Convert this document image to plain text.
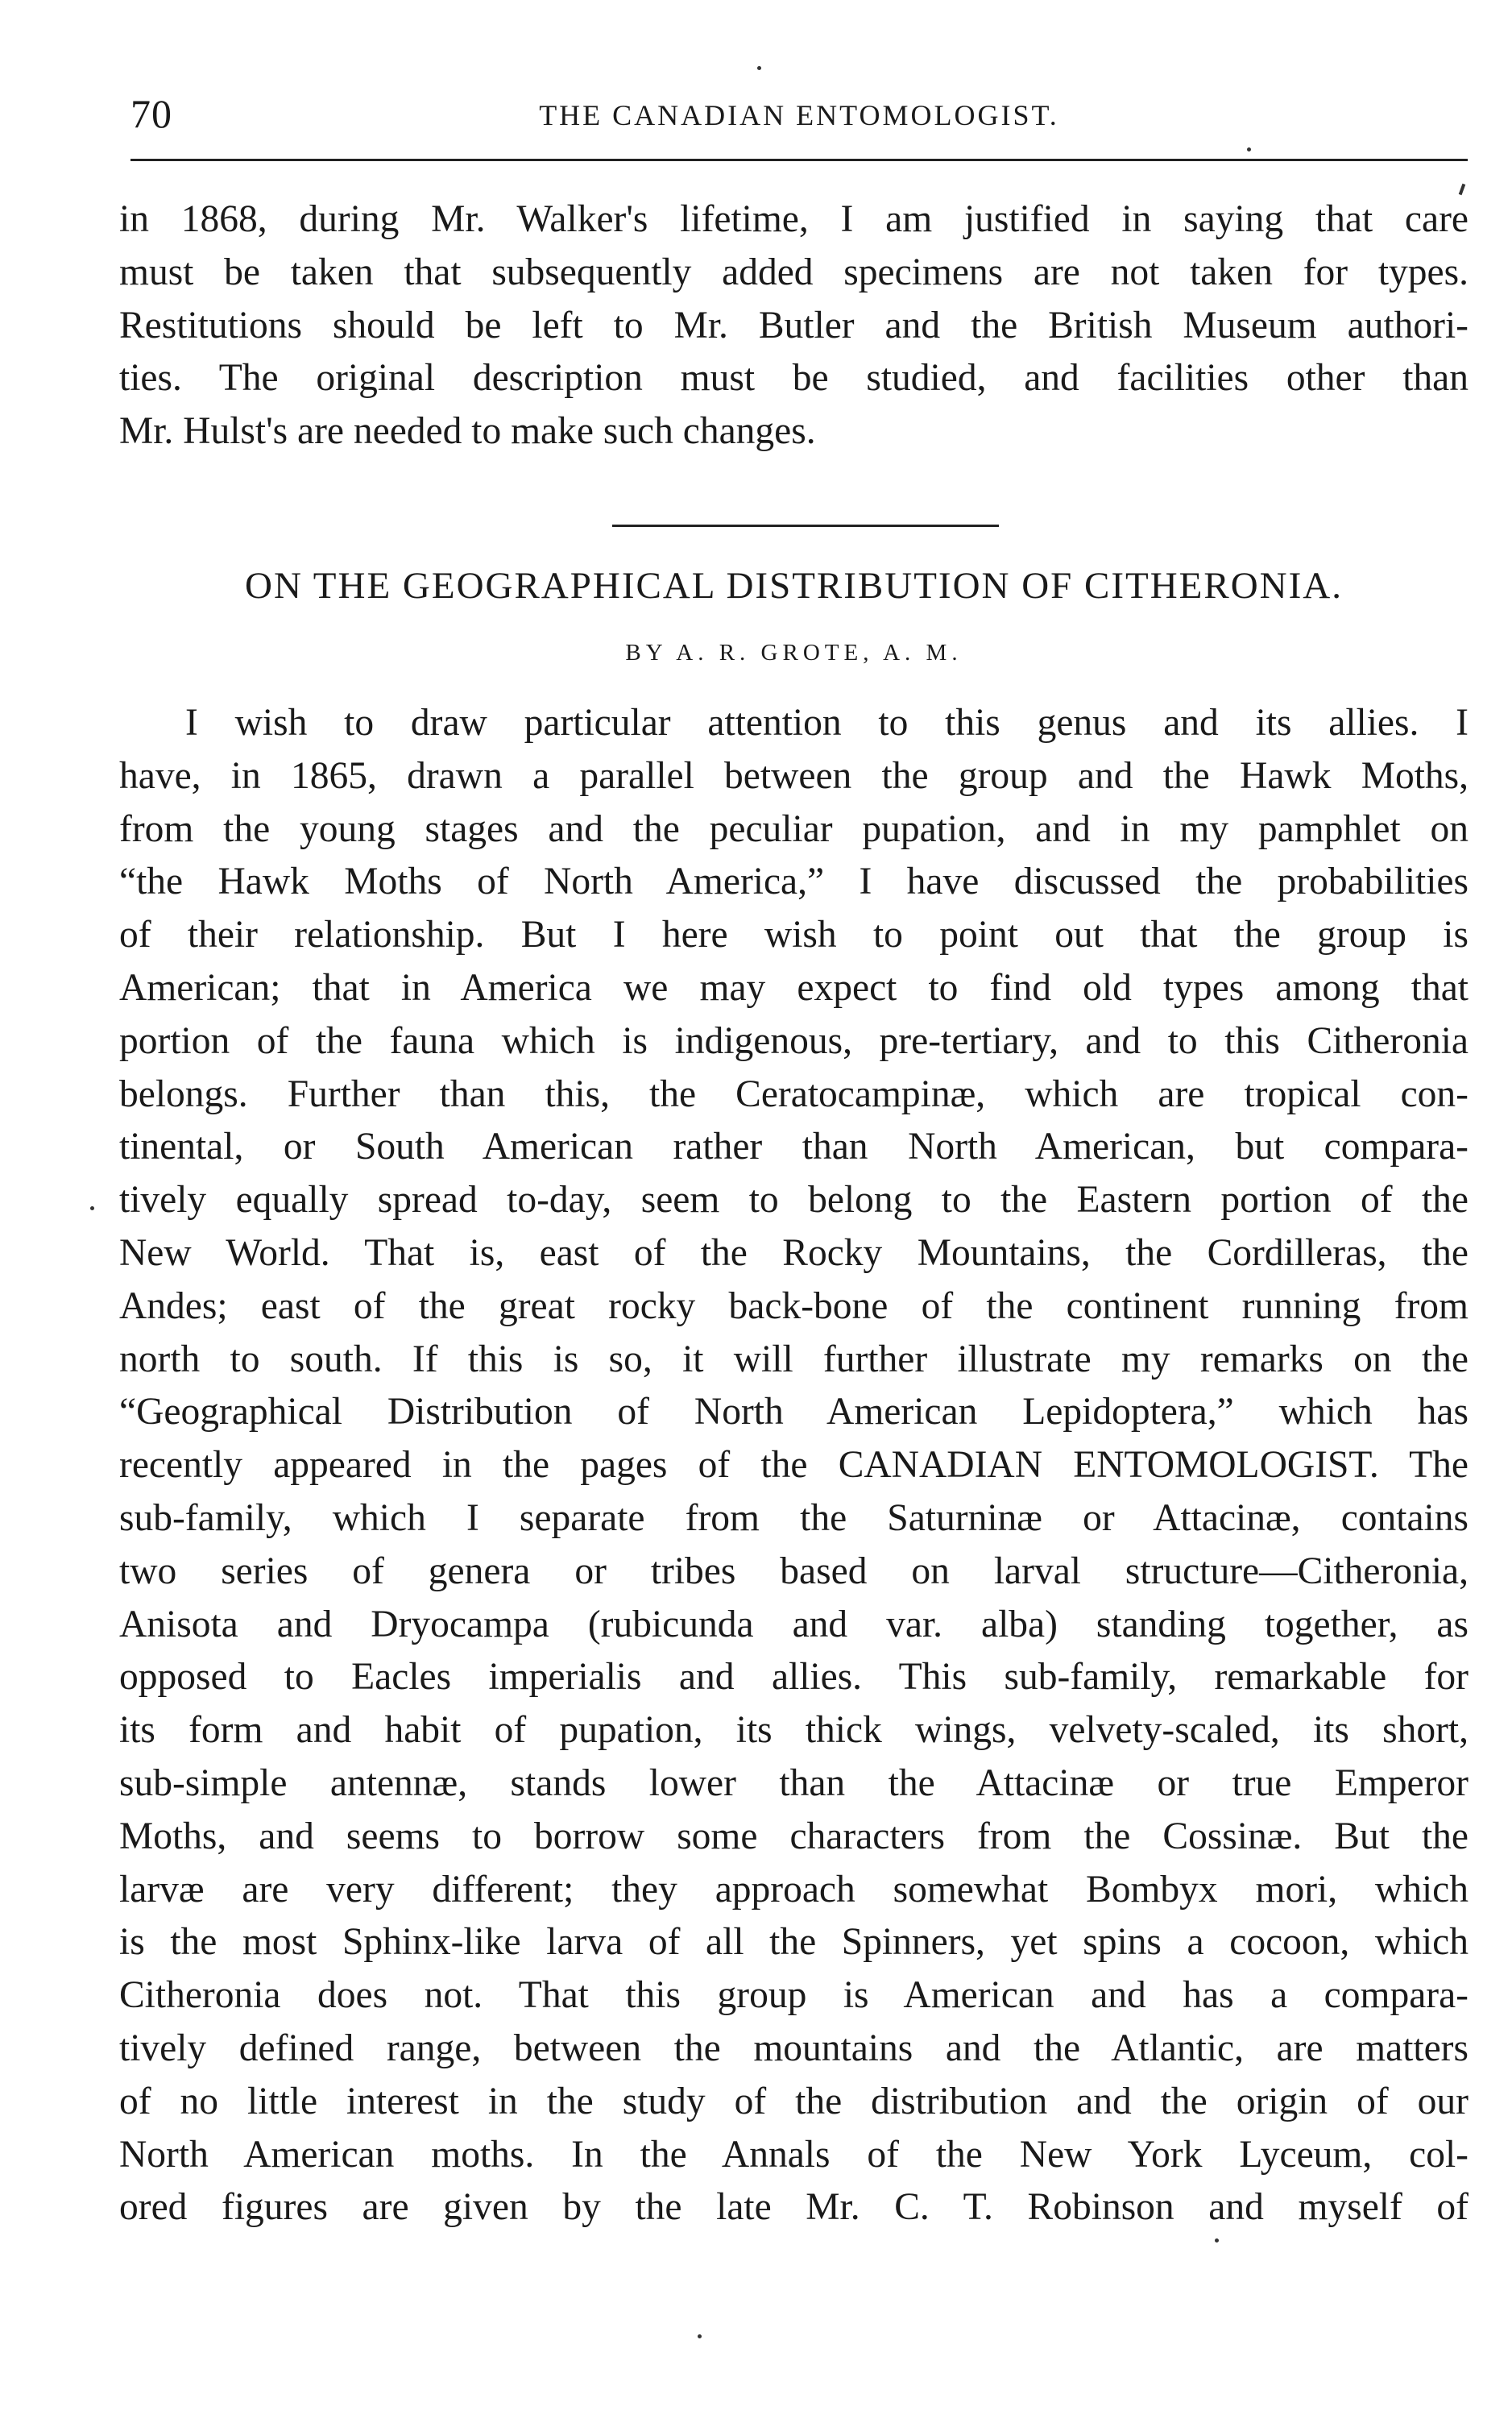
70	THE CANADIAN ENTOMOLOGIST.
in 1868, during Mr. Walker's lifetime, I am justified in saying that care
must be taken that subsequently added specimens are not taken for types.
Restitutions should be left to Mr. Butler and the British Museum authori-
ties. The original description must be studied, and facilities other than
Mr. Hulst's are needed to make such changes.
ON THE GEOGRAPHICAL DISTRIBUTION OF CITHERONIA.
BY A. R. GROTE, A. M.
I wish to draw particular attention to this genus and its allies. I
have, in 1865, drawn a parallel between the group and the Hawk Moths,
from the young stages and the peculiar pupation, and in my pamphlet on
“the Hawk Moths of North America,” I have discussed the probabilities
of their relationship. But I here wish to point out that the group is
American; that in America we may expect to find old types among that
portion of the fauna which is indigenous, pre-tertiary, and to this Citheronia
belongs. Further than this, the Ceratocampinæ, which are tropical con-
tinental, or South American rather than North American, but compara-
tively equally spread to-day, seem to belong to the Eastern portion of the
New World. That is, east of the Rocky Mountains, the Cordilleras, the
Andes; east of the great rocky back-bone of the continent running from
north to south. If this is so, it will further illustrate my remarks on the
“Geographical Distribution of North American Lepidoptera,” which has
recently appeared in the pages of the CANADIAN ENTOMOLOGIST. The
sub-family, which I separate from the Saturninæ or Attacinæ, contains
two series of genera or tribes based on larval structure—Citheronia,
Anisota and Dryocampa (rubicunda and var. alba) standing together, as
opposed to Eacles imperialis and allies. This sub-family, remarkable for
its form and habit of pupation, its thick wings, velvety-scaled, its short,
sub-simple antennæ, stands lower than the Attacinæ or true Emperor
Moths, and seems to borrow some characters from the Cossinæ. But the
larvæ are very different; they approach somewhat Bombyx mori, which
is the most Sphinx-like larva of all the Spinners, yet spins a cocoon, which
Citheronia does not. That this group is American and has a compara-
tively defined range, between the mountains and the Atlantic, are matters
of no little interest in the study of the distribution and the origin of our
North American moths. In the Annals of the New York Lyceum, col-
ored figures are given by the late Mr. C. T. Robinson and myself of
